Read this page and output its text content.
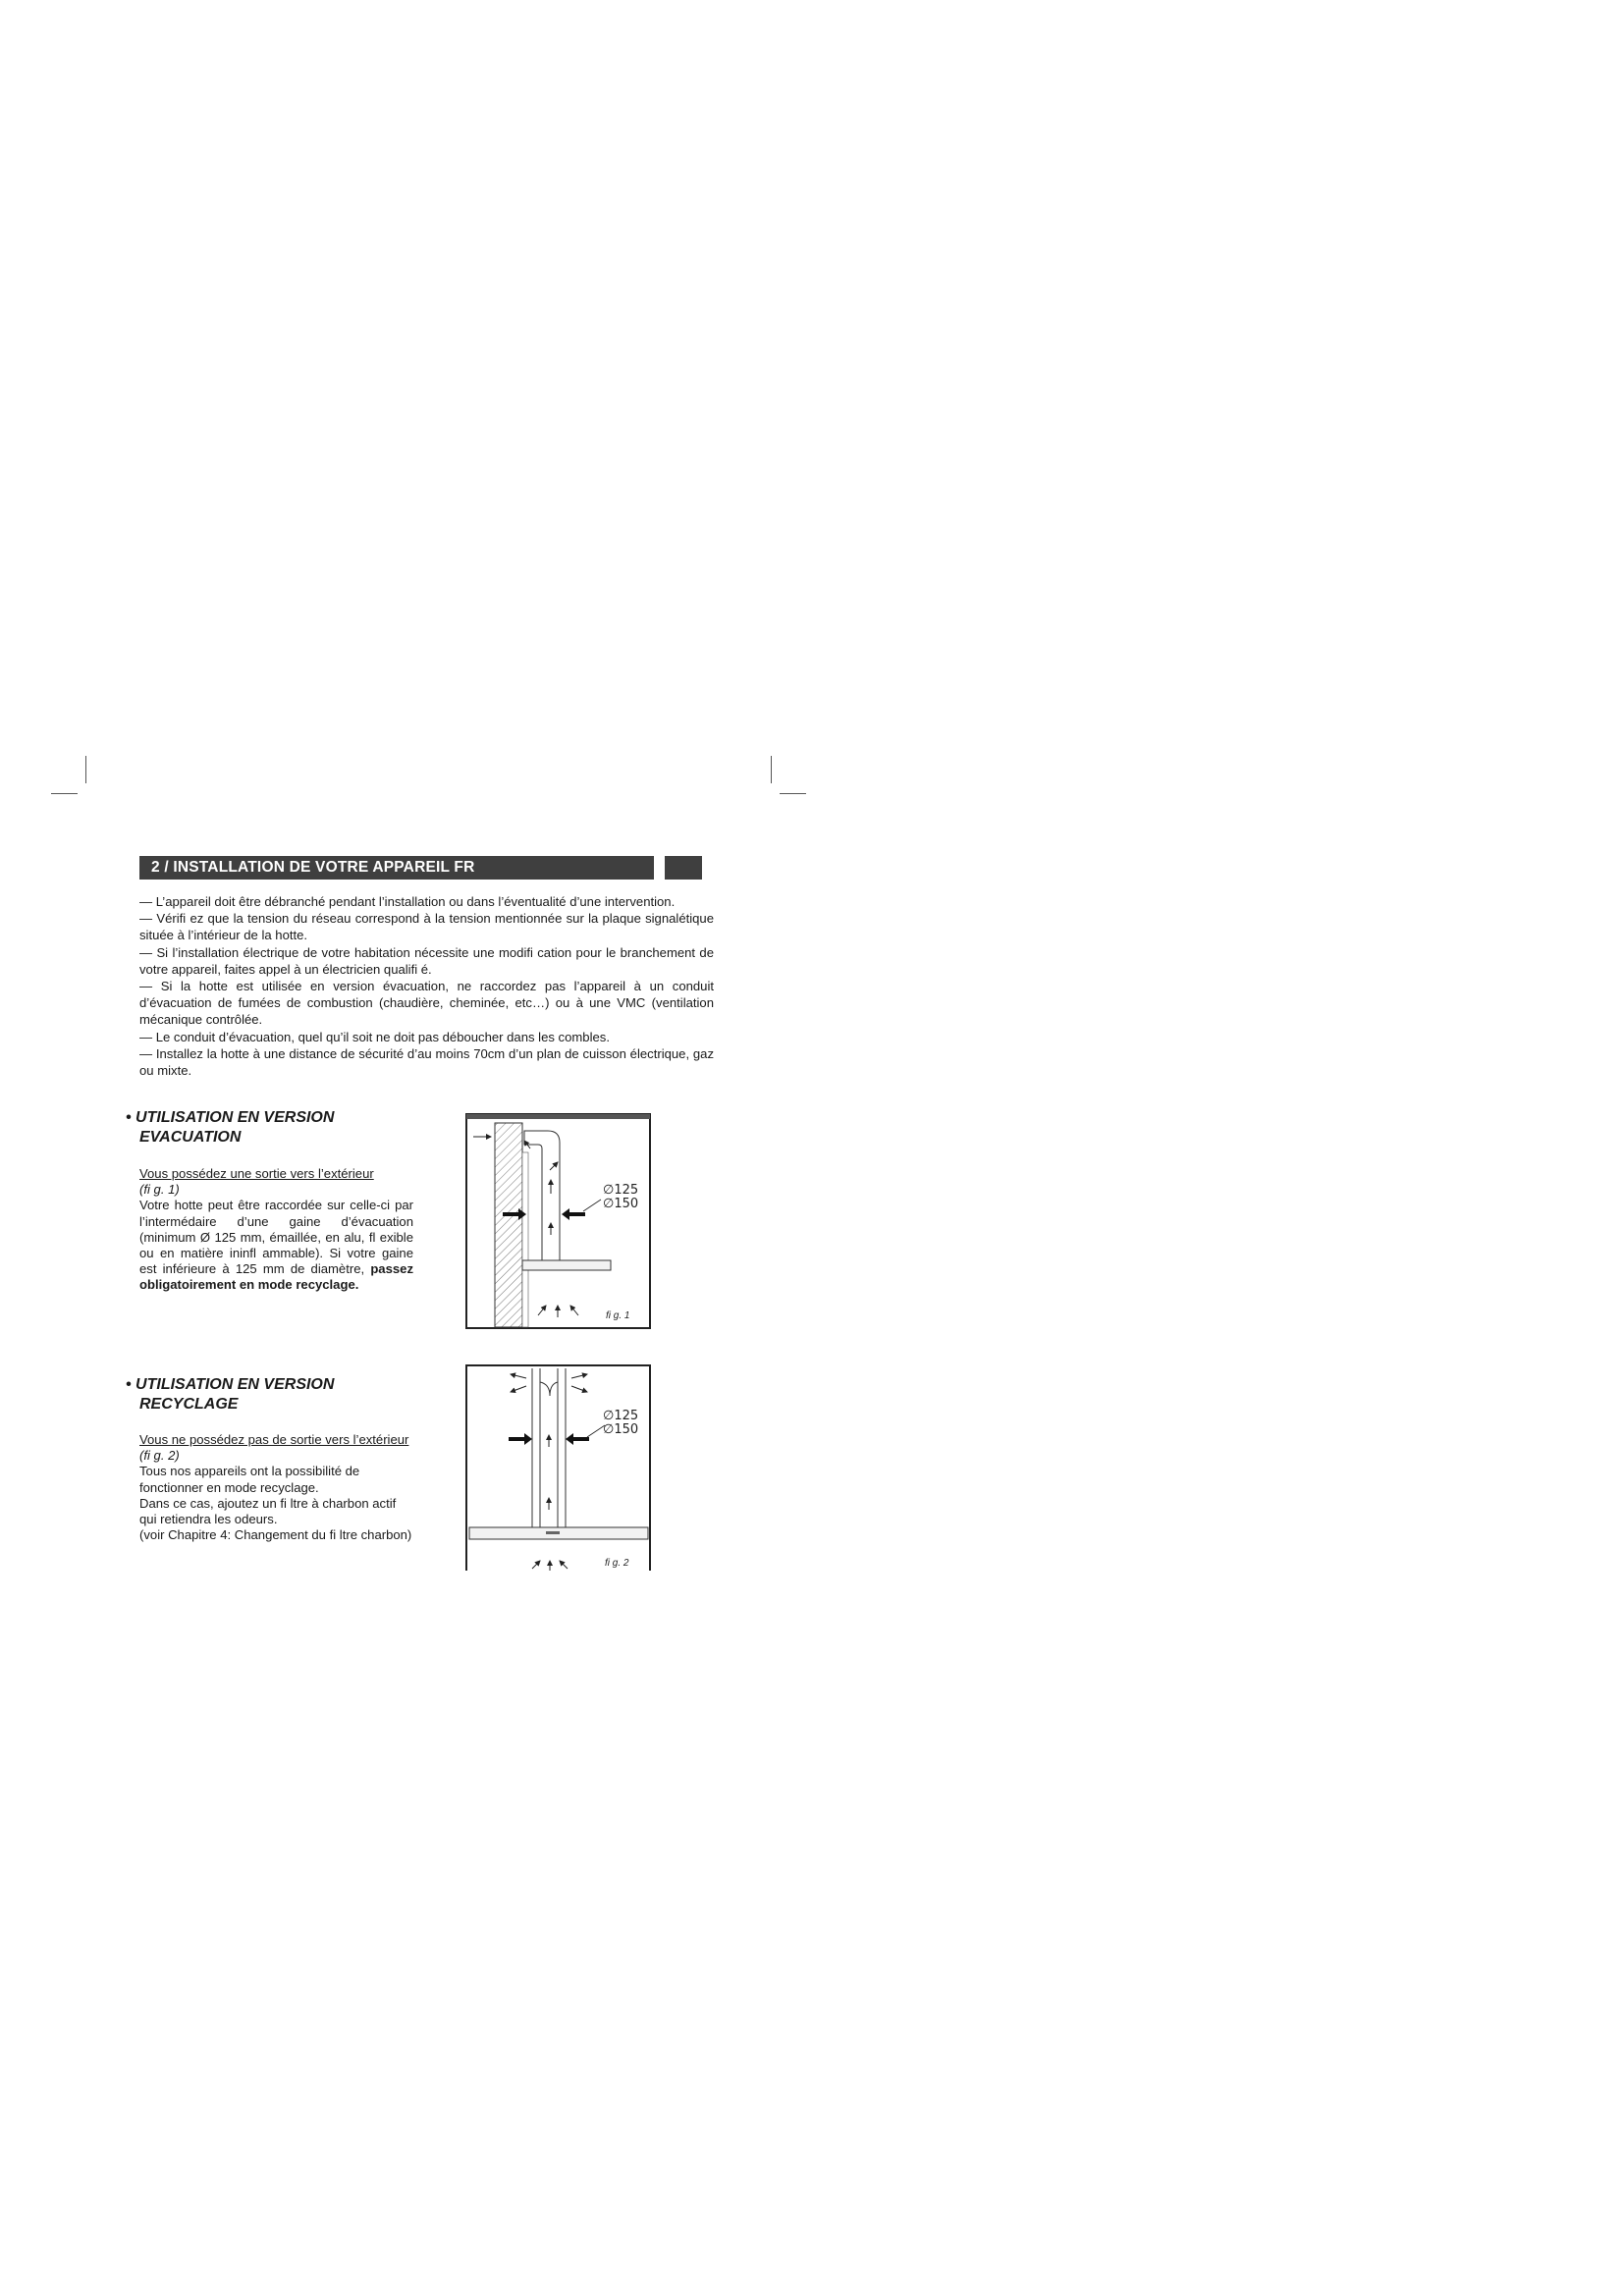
2 / INSTALLATION DE VOTRE APPAREIL FR

— L’appareil doit être débranché pendant l’installation ou dans l’éventualité d’une intervention.

— Vérifi ez que la tension du réseau correspond à la tension mentionnée sur la plaque signalétique située à l’intérieur de la hotte.

— Si l’installation électrique de votre habitation nécessite une modifi cation pour le branchement de votre appareil, faites appel à un électricien qualifi é.

— Si la hotte est utilisée en version évacuation, ne raccordez pas l’appareil à un conduit d’évacuation de fumées de combustion (chaudière, cheminée, etc…) ou à une VMC (ventilation mécanique contrôlée.

— Le conduit d’évacuation, quel qu’il soit ne doit pas déboucher dans les combles.

— Installez la hotte à une distance de sécurité d’au moins 70cm d’un plan de cuisson électrique, gaz ou mixte.

• UTILISATION EN VERSION
EVACUATION

Vous possédez une sortie vers l’extérieur

(fi g. 1)

Votre hotte peut être raccordée sur celle-ci par l’intermédaire d’une gaine d’évacuation (minimum Ø 125 mm, émaillée, en alu, fl exible ou en matière ininfl ammable). Si votre gaine est inférieure à 125 mm de diamètre, passez obligatoirement en mode recyclage.

∅125
∅150
fi g. 1
• UTILISATION EN VERSION
RECYCLAGE

Vous ne possédez pas de sortie vers l’extérieur

(fi g. 2)

Tous nos appareils ont la possibilité de fonctionner en mode recyclage.

Dans ce cas, ajoutez un fi ltre à charbon actif qui retiendra les odeurs.

(voir Chapitre 4: Changement du fi ltre charbon)

∅125
∅150
fi g. 2
